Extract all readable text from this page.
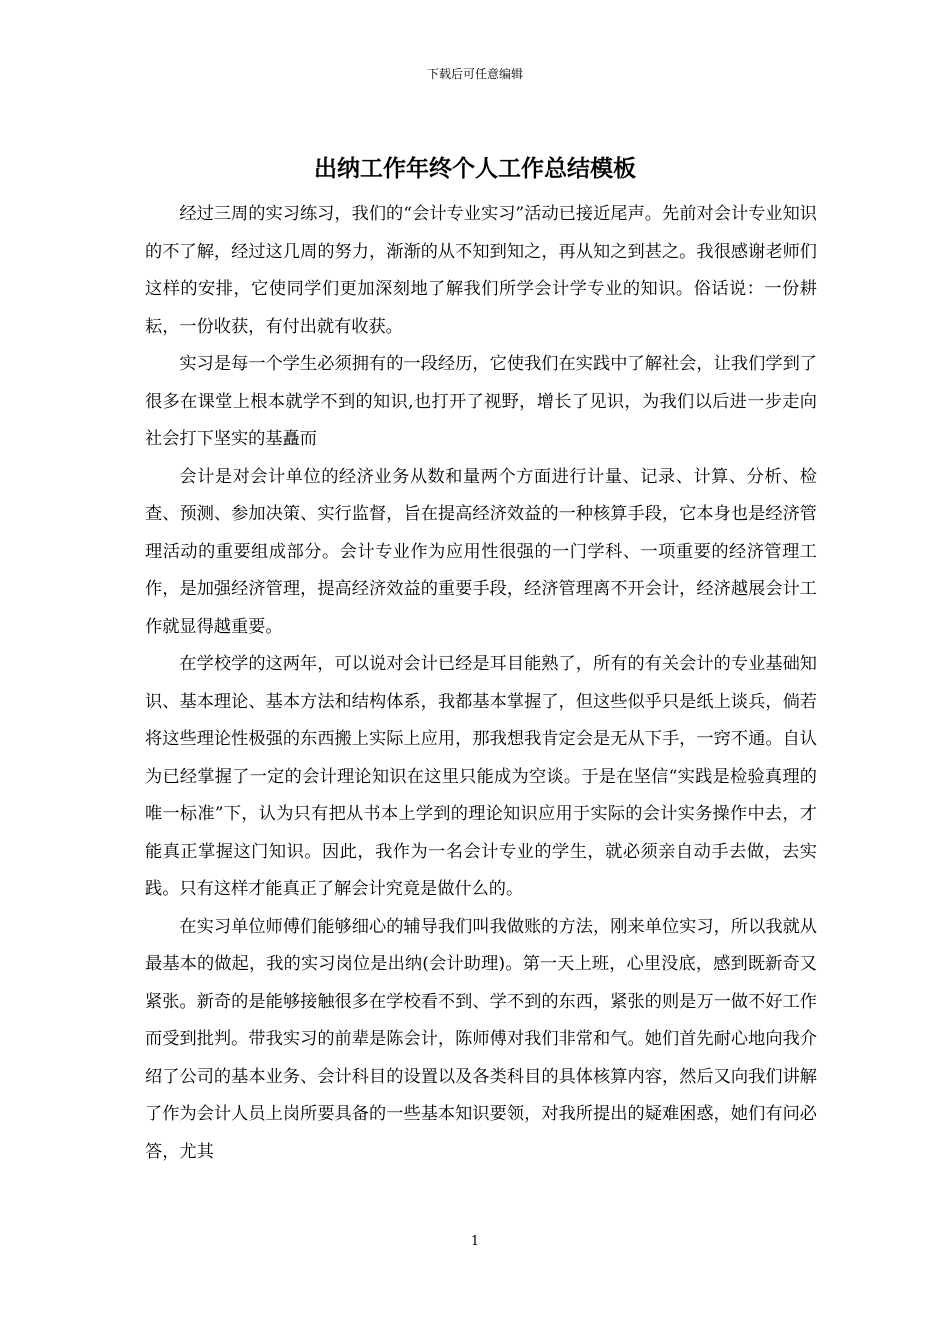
下载后可任意编辑
出纳工作年终个人工作总结模板

经过三周的实习练习，我们的“会计专业实习”活动已接近尾声。先前对会计专业知识的不了解，经过这几周的努力，渐渐的从不知到知之，再从知之到甚之。我很感谢老师们这样的安排，它使同学们更加深刻地了解我们所学会计学专业的知识。俗话说：一份耕耘，一份收获，有付出就有收获。

实习是每一个学生必须拥有的一段经历，它使我们在实践中了解社会，让我们学到了很多在课堂上根本就学不到的知识,也打开了视野，增长了见识，为我们以后进一步走向社会打下坚实的基矗而

会计是对会计单位的经济业务从数和量两个方面进行计量、记录、计算、分析、检查、预测、参加决策、实行监督，旨在提高经济效益的一种核算手段，它本身也是经济管理活动的重要组成部分。会计专业作为应用性很强的一门学科、一项重要的经济管理工作，是加强经济管理，提高经济效益的重要手段，经济管理离不开会计，经济越展会计工作就显得越重要。

在学校学的这两年，可以说对会计已经是耳目能熟了，所有的有关会计的专业基础知识、基本理论、基本方法和结构体系，我都基本掌握了，但这些似乎只是纸上谈兵，倘若将这些理论性极强的东西搬上实际上应用，那我想我肯定会是无从下手，一窍不通。自认为已经掌握了一定的会计理论知识在这里只能成为空谈。于是在坚信“实践是检验真理的唯一标准”下，认为只有把从书本上学到的理论知识应用于实际的会计实务操作中去，才能真正掌握这门知识。因此，我作为一名会计专业的学生，就必须亲自动手去做，去实践。只有这样才能真正了解会计究竟是做什么的。

在实习单位师傅们能够细心的辅导我们叫我做账的方法，刚来单位实习，所以我就从最基本的做起，我的实习岗位是出纳(会计助理)。第一天上班，心里没底，感到既新奇又紧张。新奇的是能够接触很多在学校看不到、学不到的东西，紧张的则是万一做不好工作而受到批判。带我实习的前辈是陈会计，陈师傅对我们非常和气。她们首先耐心地向我介绍了公司的基本业务、会计科目的设置以及各类科目的具体核算内容，然后又向我们讲解了作为会计人员上岗所要具备的一些基本知识要领，对我所提出的疑难困惑，她们有问必答，尤其

1
